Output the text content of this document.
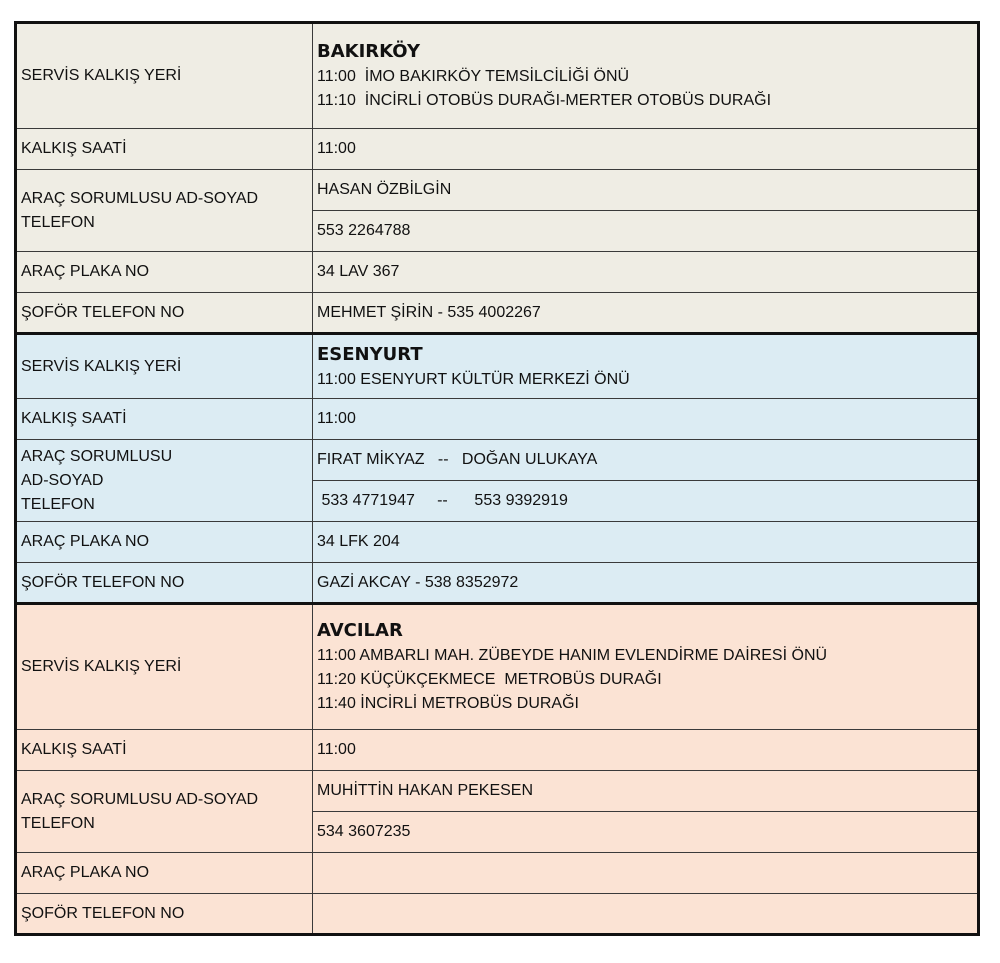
SERVİS KALKIŞ YERİ	BAKIRKÖY
11:00  İMO BAKIRKÖY TEMSİLCİLİĞİ ÖNÜ
11:10  İNCİRLİ OTOBÜS DURAĞI-MERTER OTOBÜS DURAĞI

KALKIŞ SAATİ	11:00

ARAÇ SORUMLUSU AD-SOYAD
TELEFON	HASAN ÖZBİLGİN
	553 2264788
ARAÇ PLAKA NO	34 LAV 367
ŞOFÖR TELEFON NO	MEHMET ŞİRİN - 535 4002267
SERVİS KALKIŞ YERİ	ESENYURT
11:00 ESENYURT KÜLTÜR MERKEZİ ÖNÜ

KALKIŞ SAATİ	11:00

ARAÇ SORUMLUSU
AD-SOYAD
TELEFON	FIRAT MİKYAZ   --   DOĞAN ULUKAYA
	533 4771947     --      553 9392919
ARAÇ PLAKA NO	34 LFK 204
ŞOFÖR TELEFON NO	GAZİ AKCAY - 538 8352972
SERVİS KALKIŞ YERİ	AVCILAR
11:00 AMBARLI MAH. ZÜBEYDE HANIM EVLENDİRME DAİRESİ ÖNÜ
11:20 KÜÇÜKÇEKMECE  METROBÜS DURAĞI
11:40 İNCİRLİ METROBÜS DURAĞI

KALKIŞ SAATİ	11:00

ARAÇ SORUMLUSU AD-SOYAD
TELEFON	MUHİTTİN HAKAN PEKESEN
	534 3607235
ARAÇ PLAKA NO	
ŞOFÖR TELEFON NO	
